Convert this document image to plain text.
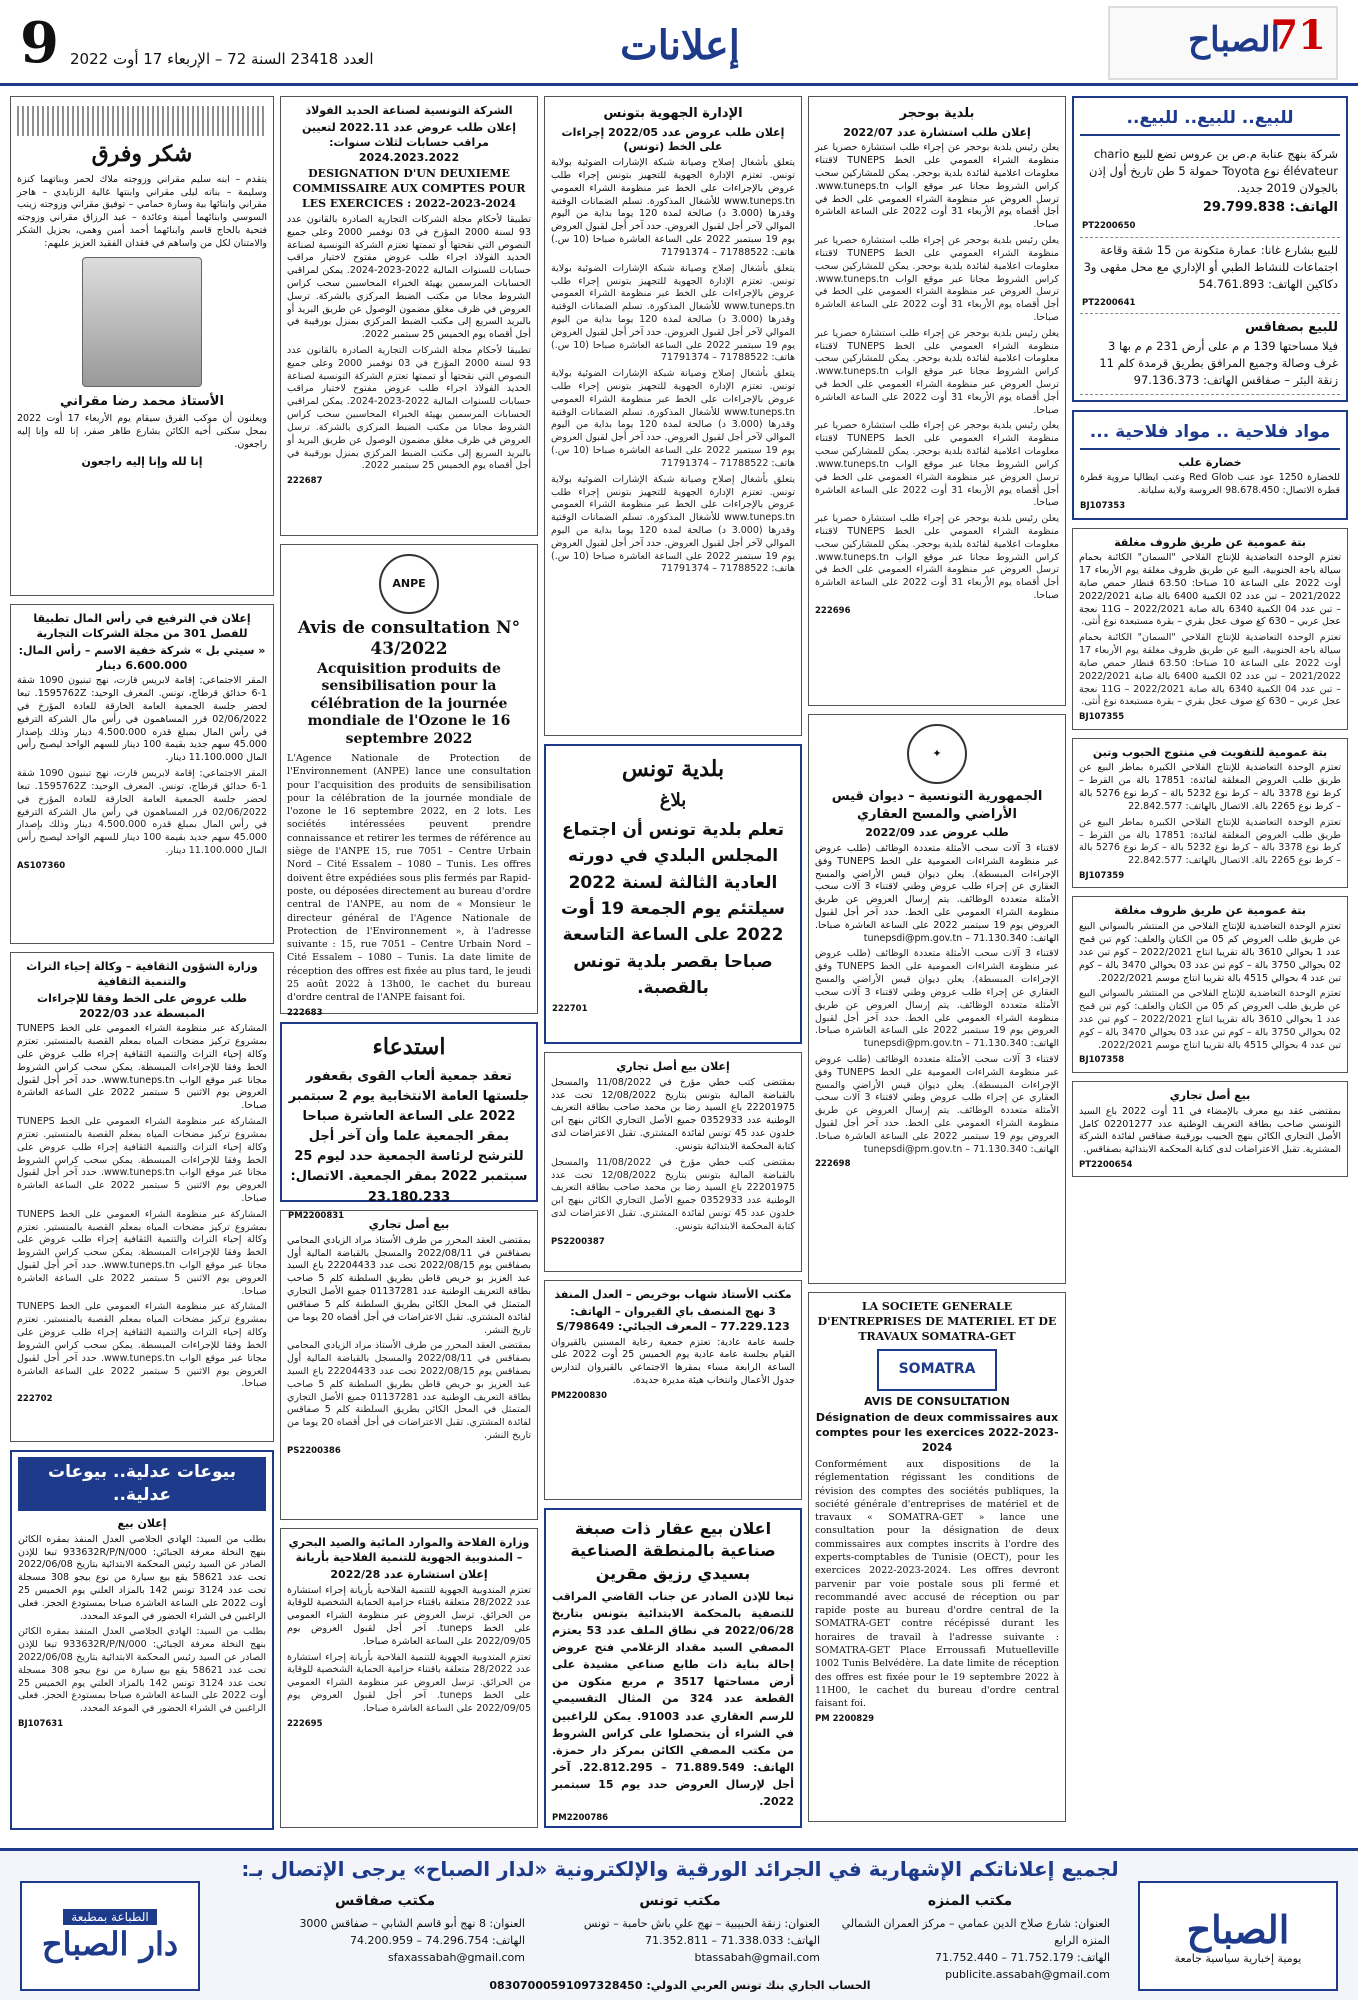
9 العدد 23418 السنة 72 – الإربعاء 17 أوت 2022	إعلانات	71
الصباح
للبيع.. للبيع.. للبيع..
شركة بنهج عنابة م.ص بن عروس تضع للبيع chario élévateur نوع Toyota حمولة 5 طن تاريخ أول إذن بالجولان 2019 جديد.
الهاتف: 29.799.838
PT2200650
للبيع بشارع غانا: عمارة متكونة من 15 شقة وقاعة اجتماعات للنشاط الطبي أو الإداري مع محل مقهى و3 دكاكين الهاتف: 54.761.893
PT2200641
للبيع بصفاقس
فيلا مساحتها 139 م م على أرض 231 م م بها 3 غرف وصالة وجميع المرافق بطريق قرمدة كلم 11 زنقة البئر – صفاقس الهاتف: 97.136.373
مواد فلاحية .. مواد فلاحية ...
خضارة علب

للخضارة 1250 عود عنب Red Glob وعنب ايطاليا مروية قطرة قطرة الاتصال: 98.678.450 العروسة ولاية سليانة.

BJ107353
بتة عمومية عن طريق ظروف مغلقة

تعتزم الوحدة التعاضدية للإنتاج الفلاحي "السمان" الكائنة بحمام سيالة باجة الجنوبية، البيع عن طريق ظروف مغلقة يوم الأربعاء 17 أوت 2022 على الساعة 10 صباحا: 63.50 قنطار حمص صابة 2021/2022 – تبن عدد 02 الكمية 6400 بالة صابة 2022/2021 – تبن عدد 04 الكمية 6340 بالة صابة 2022/2021 – 11G نعجة عجل عربي – 630 كغ صوف عجل بقري – بقرة مستبعدة نوع أنثى.

تعتزم الوحدة التعاضدية للإنتاج الفلاحي "السمان" الكائنة بحمام سيالة باجة الجنوبية، البيع عن طريق ظروف مغلقة يوم الأربعاء 17 أوت 2022 على الساعة 10 صباحا: 63.50 قنطار حمص صابة 2021/2022 – تبن عدد 02 الكمية 6400 بالة صابة 2022/2021 – تبن عدد 04 الكمية 6340 بالة صابة 2022/2021 – 11G نعجة عجل عربي – 630 كغ صوف عجل بقري – بقرة مستبعدة نوع أنثى.

BJ107355
بتة عمومية للتفويت في منتوج الحبوب وتبن

تعتزم الوحدة التعاضدية للإنتاج الفلاحي الكبيرة بماطر البيع عن طريق طلب العروض المغلقة لفائدة: 17851 بالة من القرط – كرط نوع 3378 بالة – كرط نوع 5232 بالة – كرط نوع 5276 بالة – كرط نوع 2265 بالة. الاتصال بالهاتف: 22.842.577

تعتزم الوحدة التعاضدية للإنتاج الفلاحي الكبيرة بماطر البيع عن طريق طلب العروض المغلقة لفائدة: 17851 بالة من القرط – كرط نوع 3378 بالة – كرط نوع 5232 بالة – كرط نوع 5276 بالة – كرط نوع 2265 بالة. الاتصال بالهاتف: 22.842.577

BJ107359
بتة عمومية عن طريق ظروف مغلقة

تعتزم الوحدة التعاضدية للإنتاج الفلاحي من المنتشر بالسواني البيع عن طريق طلب العروض كم 05 من الكتان والعلف: كوم تبن قمح عدد 1 بحوالي 3610 بالة تقريبا انتاج 2022/2021 – كوم تبن عدد 02 بحوالي 3750 بالة – كوم تبن عدد 03 بحوالي 3470 بالة – كوم تبن عدد 4 بحوالي 4515 بالة تقريبا انتاج موسم 2022/2021.

تعتزم الوحدة التعاضدية للإنتاج الفلاحي من المنتشر بالسواني البيع عن طريق طلب العروض كم 05 من الكتان والعلف: كوم تبن قمح عدد 1 بحوالي 3610 بالة تقريبا انتاج 2022/2021 – كوم تبن عدد 02 بحوالي 3750 بالة – كوم تبن عدد 03 بحوالي 3470 بالة – كوم تبن عدد 4 بحوالي 4515 بالة تقريبا انتاج موسم 2022/2021.

BJ107358
بيع أصل تجاري

بمقتضى عقد بيع معرف بالإمضاء في 11 أوت 2022 باع السيد التونسي صاحب بطاقة التعريف الوطنية عدد 02201277 كامل الأصل التجاري الكائن بنهج الحبيب بورقيبة صفاقس لفائدة الشركة المشترية. تقبل الاعتراضات لدى كتابة المحكمة الابتدائية بصفاقس.

PT2200654
بلدية بوحجر
إعلان طلب استشارة عدد 2022/07

يعلن رئيس بلدية بوحجر عن إجراء طلب استشارة حصريا عبر منظومة الشراء العمومي على الخط TUNEPS لاقتناء معلومات اعلامية لفائدة بلدية بوحجر. يمكن للمشاركين سحب كراس الشروط مجانا عبر موقع الواب www.tuneps.tn. ترسل العروض عبر منظومة الشراء العمومي على الخط في أجل أقصاه يوم الأربعاء 31 أوت 2022 على الساعة العاشرة صباحا.

يعلن رئيس بلدية بوحجر عن إجراء طلب استشارة حصريا عبر منظومة الشراء العمومي على الخط TUNEPS لاقتناء معلومات اعلامية لفائدة بلدية بوحجر. يمكن للمشاركين سحب كراس الشروط مجانا عبر موقع الواب www.tuneps.tn. ترسل العروض عبر منظومة الشراء العمومي على الخط في أجل أقصاه يوم الأربعاء 31 أوت 2022 على الساعة العاشرة صباحا.

يعلن رئيس بلدية بوحجر عن إجراء طلب استشارة حصريا عبر منظومة الشراء العمومي على الخط TUNEPS لاقتناء معلومات اعلامية لفائدة بلدية بوحجر. يمكن للمشاركين سحب كراس الشروط مجانا عبر موقع الواب www.tuneps.tn. ترسل العروض عبر منظومة الشراء العمومي على الخط في أجل أقصاه يوم الأربعاء 31 أوت 2022 على الساعة العاشرة صباحا.

يعلن رئيس بلدية بوحجر عن إجراء طلب استشارة حصريا عبر منظومة الشراء العمومي على الخط TUNEPS لاقتناء معلومات اعلامية لفائدة بلدية بوحجر. يمكن للمشاركين سحب كراس الشروط مجانا عبر موقع الواب www.tuneps.tn. ترسل العروض عبر منظومة الشراء العمومي على الخط في أجل أقصاه يوم الأربعاء 31 أوت 2022 على الساعة العاشرة صباحا.

يعلن رئيس بلدية بوحجر عن إجراء طلب استشارة حصريا عبر منظومة الشراء العمومي على الخط TUNEPS لاقتناء معلومات اعلامية لفائدة بلدية بوحجر. يمكن للمشاركين سحب كراس الشروط مجانا عبر موقع الواب www.tuneps.tn. ترسل العروض عبر منظومة الشراء العمومي على الخط في أجل أقصاه يوم الأربعاء 31 أوت 2022 على الساعة العاشرة صباحا.

222696
✦
الجمهورية التونسية – ديوان قيس الأراضي والمسح العقاري
طلب عروض عدد 2022/09

لاقتناء 3 آلات سحب الأمثلة متعددة الوظائف (طلب عروض عبر منظومة الشراءات العمومية على الخط TUNEPS وفق الإجراءات المبسطة). يعلن ديوان قيس الأراضي والمسح العقاري عن إجراء طلب عروض وطني لاقتناء 3 آلات سحب الأمثلة متعددة الوظائف. يتم إرسال العروض عن طريق منظومة الشراء العمومي على الخط. حدد آخر أجل لقبول العروض يوم 19 سبتمبر 2022 على الساعة العاشرة صباحا. الهاتف: 71.130.340 – tunepsdi@pm.gov.tn

لاقتناء 3 آلات سحب الأمثلة متعددة الوظائف (طلب عروض عبر منظومة الشراءات العمومية على الخط TUNEPS وفق الإجراءات المبسطة). يعلن ديوان قيس الأراضي والمسح العقاري عن إجراء طلب عروض وطني لاقتناء 3 آلات سحب الأمثلة متعددة الوظائف. يتم إرسال العروض عن طريق منظومة الشراء العمومي على الخط. حدد آخر أجل لقبول العروض يوم 19 سبتمبر 2022 على الساعة العاشرة صباحا. الهاتف: 71.130.340 – tunepsdi@pm.gov.tn

لاقتناء 3 آلات سحب الأمثلة متعددة الوظائف (طلب عروض عبر منظومة الشراءات العمومية على الخط TUNEPS وفق الإجراءات المبسطة). يعلن ديوان قيس الأراضي والمسح العقاري عن إجراء طلب عروض وطني لاقتناء 3 آلات سحب الأمثلة متعددة الوظائف. يتم إرسال العروض عن طريق منظومة الشراء العمومي على الخط. حدد آخر أجل لقبول العروض يوم 19 سبتمبر 2022 على الساعة العاشرة صباحا. الهاتف: 71.130.340 – tunepsdi@pm.gov.tn

222698
LA SOCIETE GENERALE D'ENTREPRISES DE MATERIEL ET DE TRAVAUX SOMATRA-GET
SOMATRA
AVIS DE CONSULTATION
Désignation de deux commissaires aux comptes pour les exercices 2022-2023-2024

Conformément aux dispositions de la réglementation régissant les conditions de révision des comptes des sociétés publiques, la société générale d'entreprises de matériel et de travaux « SOMATRA-GET » lance une consultation pour la désignation de deux commissaires aux comptes inscrits à l'ordre des experts-comptables de Tunisie (OECT), pour les exercices 2022-2023-2024. Les offres devront parvenir par voie postale sous pli fermé et recommandé avec accusé de réception ou par rapide poste au bureau d'ordre central de la SOMATRA-GET contre récépissé durant les horaires de travail à l'adresse suivante : SOMATRA-GET Place Erroussafi Mutuelleville 1002 Tunis Belvédère. La date limite de réception des offres est fixée pour le 19 septembre 2022 à 11H00, le cachet du bureau d'ordre central faisant foi.

PM 2200829
الإدارة الجهوية بتونس
إعلان طلب عروض عدد 2022/05 إجراءات على الخط (تونس)

يتعلق بأشغال إصلاح وصيانة شبكة الإشارات الضوئية بولاية تونس. تعتزم الإدارة الجهوية للتجهيز بتونس إجراء طلب عروض بالإجراءات على الخط عبر منظومة الشراء العمومي www.tuneps.tn للأشغال المذكورة. تسلم الضمانات الوقتية وقدرها (3.000 د) صالحة لمدة 120 يوما بداية من اليوم الموالي لآخر أجل لقبول العروض. حدد آخر أجل لقبول العروض يوم 19 سبتمبر 2022 على الساعة العاشرة صباحا (10 س.) هاتف: 71788522 – 71791374

يتعلق بأشغال إصلاح وصيانة شبكة الإشارات الضوئية بولاية تونس. تعتزم الإدارة الجهوية للتجهيز بتونس إجراء طلب عروض بالإجراءات على الخط عبر منظومة الشراء العمومي www.tuneps.tn للأشغال المذكورة. تسلم الضمانات الوقتية وقدرها (3.000 د) صالحة لمدة 120 يوما بداية من اليوم الموالي لآخر أجل لقبول العروض. حدد آخر أجل لقبول العروض يوم 19 سبتمبر 2022 على الساعة العاشرة صباحا (10 س.) هاتف: 71788522 – 71791374

يتعلق بأشغال إصلاح وصيانة شبكة الإشارات الضوئية بولاية تونس. تعتزم الإدارة الجهوية للتجهيز بتونس إجراء طلب عروض بالإجراءات على الخط عبر منظومة الشراء العمومي www.tuneps.tn للأشغال المذكورة. تسلم الضمانات الوقتية وقدرها (3.000 د) صالحة لمدة 120 يوما بداية من اليوم الموالي لآخر أجل لقبول العروض. حدد آخر أجل لقبول العروض يوم 19 سبتمبر 2022 على الساعة العاشرة صباحا (10 س.) هاتف: 71788522 – 71791374

يتعلق بأشغال إصلاح وصيانة شبكة الإشارات الضوئية بولاية تونس. تعتزم الإدارة الجهوية للتجهيز بتونس إجراء طلب عروض بالإجراءات على الخط عبر منظومة الشراء العمومي www.tuneps.tn للأشغال المذكورة. تسلم الضمانات الوقتية وقدرها (3.000 د) صالحة لمدة 120 يوما بداية من اليوم الموالي لآخر أجل لقبول العروض. حدد آخر أجل لقبول العروض يوم 19 سبتمبر 2022 على الساعة العاشرة صباحا (10 س.) هاتف: 71788522 – 71791374

بلدية تونس
بلاغ
تعلم بلدية تونس أن اجتماع المجلس البلدي في دورته العادية الثالثة لسنة 2022 سيلتئم يوم الجمعة 19 أوت 2022 على الساعة التاسعة صباحا بقصر بلدية تونس بالقصبة.
222701
إعلان بيع أصل تجاري

بمقتضى كتب خطي مؤرخ في 11/08/2022 والمسجل بالقباضة المالية بتونس بتاريخ 12/08/2022 تحت عدد 22201975 باع السيد رضا بن محمد صاحب بطاقة التعريف الوطنية عدد 0352933 جميع الأصل التجاري الكائن بنهج ابن خلدون عدد 45 تونس لفائدة المشتري. تقبل الاعتراضات لدى كتابة المحكمة الابتدائية بتونس.

بمقتضى كتب خطي مؤرخ في 11/08/2022 والمسجل بالقباضة المالية بتونس بتاريخ 12/08/2022 تحت عدد 22201975 باع السيد رضا بن محمد صاحب بطاقة التعريف الوطنية عدد 0352933 جميع الأصل التجاري الكائن بنهج ابن خلدون عدد 45 تونس لفائدة المشتري. تقبل الاعتراضات لدى كتابة المحكمة الابتدائية بتونس.

PS2200387
مكتب الأستاذ شهاب بوخريص – العدل المنفذ
3 نهج المنصف باي القيروان – الهاتف: 77.229.123 – المعرف الجبائي: 798649/S

جلسة عامة عادية: تعتزم جمعية رعاية المسنين بالقيروان القيام بجلسة عامة عادية يوم الخميس 25 أوت 2022 على الساعة الرابعة مساء بمقرها الاجتماعي بالقيروان لتدارس جدول الأعمال وانتخاب هيئة مديرة جديدة.

PM2200830
اعلان بيع عقار ذات صبغة صناعية بالمنطقة الصناعية بسيدي رزيق مقرين

تبعا للإذن الصادر عن جناب القاضي المراقب للتصفية بالمحكمة الابتدائية بتونس بتاريخ 2022/06/28 في نطاق الملف عدد 53 يعتزم المصفي السيد مقداد الزغلامي فتح عروض إحالة بناية ذات طابع صناعي مشيدة على أرض مساحتها 3517 م مربع متكون من القطعة عدد 324 من المثال التقسيمي للرسم العقاري عدد 91003. يمكن للراغبين في الشراء أن يتحصلوا على كراس الشروط من مكتب المصفي الكائن بمركز دار حمزة. الهاتف: 71.889.549 – 22.812.295. آخر أجل لإرسال العروض حدد يوم 15 سبتمبر 2022.

PM2200786
الشركة التونسية لصناعة الحديد الفولاذ
إعلان طلب عروض عدد 2022.11 لتعيين مراقب حسابات لثلاث سنوات: 2024.2023.2022
DESIGNATION D'UN DEUXIEME COMMISSAIRE AUX COMPTES POUR LES EXERCICES : 2022-2023-2024

تطبيقا لأحكام مجلة الشركات التجارية الصادرة بالقانون عدد 93 لسنة 2000 المؤرخ في 03 نوفمبر 2000 وعلى جميع النصوص التي نقحتها أو تممتها تعتزم الشركة التونسية لصناعة الحديد الفولاذ اجراء طلب عروض مفتوح لاختيار مراقب حسابات للسنوات المالية 2022-2023-2024. يمكن لمراقبي الحسابات المرسمين بهيئة الخبراء المحاسبين سحب كراس الشروط مجانا من مكتب الضبط المركزي بالشركة. ترسل العروض في ظرف مغلق مضمون الوصول عن طريق البريد أو بالبريد السريع إلى مكتب الضبط المركزي بمنزل بورقيبة في أجل أقصاه يوم الخميس 25 سبتمبر 2022.

تطبيقا لأحكام مجلة الشركات التجارية الصادرة بالقانون عدد 93 لسنة 2000 المؤرخ في 03 نوفمبر 2000 وعلى جميع النصوص التي نقحتها أو تممتها تعتزم الشركة التونسية لصناعة الحديد الفولاذ اجراء طلب عروض مفتوح لاختيار مراقب حسابات للسنوات المالية 2022-2023-2024. يمكن لمراقبي الحسابات المرسمين بهيئة الخبراء المحاسبين سحب كراس الشروط مجانا من مكتب الضبط المركزي بالشركة. ترسل العروض في ظرف مغلق مضمون الوصول عن طريق البريد أو بالبريد السريع إلى مكتب الضبط المركزي بمنزل بورقيبة في أجل أقصاه يوم الخميس 25 سبتمبر 2022.

222687
ANPE
Avis de consultation N° 43/2022
Acquisition produits de sensibilisation pour la célébration de la journée mondiale de l'Ozone le 16 septembre 2022

L'Agence Nationale de Protection de l'Environnement (ANPE) lance une consultation pour l'acquisition des produits de sensibilisation pour la célébration de la journée mondiale de l'ozone le 16 septembre 2022, en 2 lots. Les sociétés intéressées peuvent prendre connaissance et retirer les termes de référence au siège de l'ANPE 15, rue 7051 – Centre Urbain Nord – Cité Essalem – 1080 – Tunis. Les offres doivent être expédiées sous plis fermés par Rapid-poste, ou déposées directement au bureau d'ordre central de l'ANPE, au nom de « Monsieur le directeur général de l'Agence Nationale de Protection de l'Environnement », à l'adresse suivante : 15, rue 7051 – Centre Urbain Nord – Cité Essalem – 1080 – Tunis. La date limite de réception des offres est fixée au plus tard, le jeudi 25 août 2022 à 13h00, le cachet du bureau d'ordre central de l'ANPE faisant foi.

222683
استدعاء
تعقد جمعية ألعاب القوى بقعفور جلستها العامة الانتخابية يوم 2 سبتمبر 2022 على الساعة العاشرة صباحا بمقر الجمعية علما وأن آخر أجل للترشح لرئاسة الجمعية حدد ليوم 25 سبتمبر 2022 بمقر الجمعية. الاتصال: 23.180.233
PM2200831
بيع أصل تجاري

بمقتضى العقد المحرر من طرف الأستاذ مراد الزيادي المحامي بصفاقس في 2022/08/11 والمسجل بالقباضة المالية أول بصفاقس يوم 2022/08/15 تحت عدد 22204433 باع السيد عبد العزيز بو خريص قاطن بطريق السلطنة كلم 5 صاحب بطاقة التعريف الوطنية عدد 01137281 جميع الأصل التجاري المتمثل في المحل الكائن بطريق السلطنة كلم 5 صفاقس لفائدة المشتري. تقبل الاعتراضات في أجل أقصاه 20 يوما من تاريخ النشر.

بمقتضى العقد المحرر من طرف الأستاذ مراد الزيادي المحامي بصفاقس في 2022/08/11 والمسجل بالقباضة المالية أول بصفاقس يوم 2022/08/15 تحت عدد 22204433 باع السيد عبد العزيز بو خريص قاطن بطريق السلطنة كلم 5 صاحب بطاقة التعريف الوطنية عدد 01137281 جميع الأصل التجاري المتمثل في المحل الكائن بطريق السلطنة كلم 5 صفاقس لفائدة المشتري. تقبل الاعتراضات في أجل أقصاه 20 يوما من تاريخ النشر.

PS2200386
وزارة الفلاحة والموارد المائية والصيد البحري – المندوبية الجهوية للتنمية الفلاحية بأريانة
إعلان استشارة عدد 2022/28

تعتزم المندوبية الجهوية للتنمية الفلاحية بأريانة إجراء استشارة عدد 28/2022 متعلقة باقتناء حزامية الحماية الشخصية للوقاية من الحرائق. ترسل العروض عبر منظومة الشراء العمومي على الخط tuneps. آخر أجل لقبول العروض يوم 2022/09/05 على الساعة العاشرة صباحا.

تعتزم المندوبية الجهوية للتنمية الفلاحية بأريانة إجراء استشارة عدد 28/2022 متعلقة باقتناء حزامية الحماية الشخصية للوقاية من الحرائق. ترسل العروض عبر منظومة الشراء العمومي على الخط tuneps. آخر أجل لقبول العروض يوم 2022/09/05 على الساعة العاشرة صباحا.

222695
شكر وفرق

يتقدم – ابنه سليم مقراني وزوجته ملاك لحمر وبناتهما كنزة وسليمة – بناته ليلى مقراني وابنتها غالية الزنايدي – هاجر مقراني وابنائها بية وسارة حمامي – توفيق مقراني وزوجته زينب السوسي وابنائهما أمينة وعائدة – عبد الرزاق مقراني وزوجته فتحية بالحاج قاسم وابنائهما أحمد أمين وهمى، بجزيل الشكر والامتنان لكل من واساهم في فقدان الفقيد العزيز عليهم:

الأستاذ محمد رضا مقراني

ويعلنون أن موكب الفرق سيقام يوم الأربعاء 17 أوت 2022 بمحل سكنى أخيه الكائن بشارع طاهر صفر، إنا لله وإنا إليه راجعون.

إنا لله وإنا إليه راجعون
إعلان في الترفيع في رأس المال تطبيقا للفصل 301 من مجلة الشركات التجارية
« سيتي بل » شركة خفية الاسم – رأس المال: 6.600.000 دينار

المقر الاجتماعي: إقامة لابريس قارت، نهج تبنيون 1090 شقة 1-6 حدائق قرطاج، تونس. المعرف الوحيد: 1595762Z. تبعا لحضر جلسة الجمعية العامة الخارقة للعادة المؤرخ في 02/06/2022 قرر المساهمون في رأس مال الشركة الترفيع في رأس المال بمبلغ قدره 4.500.000 دينار وذلك بإصدار 45.000 سهم جديد بقيمة 100 دينار للسهم الواحد ليصبح رأس المال 11.100.000 دينار.

المقر الاجتماعي: إقامة لابريس قارت، نهج تبنيون 1090 شقة 1-6 حدائق قرطاج، تونس. المعرف الوحيد: 1595762Z. تبعا لحضر جلسة الجمعية العامة الخارقة للعادة المؤرخ في 02/06/2022 قرر المساهمون في رأس مال الشركة الترفيع في رأس المال بمبلغ قدره 4.500.000 دينار وذلك بإصدار 45.000 سهم جديد بقيمة 100 دينار للسهم الواحد ليصبح رأس المال 11.100.000 دينار.

AS107360
وزارة الشؤون الثقافية – وكالة إحياء التراث والتنمية الثقافية
طلب عروض على الخط وفقا للإجراءات المبسطة عدد 2022/03

المشاركة عبر منظومة الشراء العمومي على الخط TUNEPS بمشروع تركيز مضخات المياه بمعلم القصبة بالمنستير. تعتزم وكالة إحياء التراث والتنمية الثقافية إجراء طلب عروض على الخط وفقا للإجراءات المبسطة. يمكن سحب كراس الشروط مجانا عبر موقع الواب www.tuneps.tn. حدد آخر أجل لقبول العروض يوم الاثنين 5 سبتمبر 2022 على الساعة العاشرة صباحا.

المشاركة عبر منظومة الشراء العمومي على الخط TUNEPS بمشروع تركيز مضخات المياه بمعلم القصبة بالمنستير. تعتزم وكالة إحياء التراث والتنمية الثقافية إجراء طلب عروض على الخط وفقا للإجراءات المبسطة. يمكن سحب كراس الشروط مجانا عبر موقع الواب www.tuneps.tn. حدد آخر أجل لقبول العروض يوم الاثنين 5 سبتمبر 2022 على الساعة العاشرة صباحا.

المشاركة عبر منظومة الشراء العمومي على الخط TUNEPS بمشروع تركيز مضخات المياه بمعلم القصبة بالمنستير. تعتزم وكالة إحياء التراث والتنمية الثقافية إجراء طلب عروض على الخط وفقا للإجراءات المبسطة. يمكن سحب كراس الشروط مجانا عبر موقع الواب www.tuneps.tn. حدد آخر أجل لقبول العروض يوم الاثنين 5 سبتمبر 2022 على الساعة العاشرة صباحا.

المشاركة عبر منظومة الشراء العمومي على الخط TUNEPS بمشروع تركيز مضخات المياه بمعلم القصبة بالمنستير. تعتزم وكالة إحياء التراث والتنمية الثقافية إجراء طلب عروض على الخط وفقا للإجراءات المبسطة. يمكن سحب كراس الشروط مجانا عبر موقع الواب www.tuneps.tn. حدد آخر أجل لقبول العروض يوم الاثنين 5 سبتمبر 2022 على الساعة العاشرة صباحا.

222702
بيوعات عدلية.. بيوعات عدلية..
إعلان بيع

بطلب من السيد: الهادي الجلاصي العدل المنفذ بمقره الكائن بنهج النخلة معرفة الجبائي: 933632R/P/N/000 تبعا للإذن الصادر عن السيد رئيس المحكمة الابتدائية بتاريخ 2022/06/08 تحت عدد 58621 يقع بيع سيارة من نوع بيجو 308 مسجلة تحت عدد 3124 تونس 142 بالمزاد العلني يوم الخميس 25 أوت 2022 على الساعة العاشرة صباحا بمستودع الحجز. فعلى الراغبين في الشراء الحضور في الموعد المحدد.

بطلب من السيد: الهادي الجلاصي العدل المنفذ بمقره الكائن بنهج النخلة معرفة الجبائي: 933632R/P/N/000 تبعا للإذن الصادر عن السيد رئيس المحكمة الابتدائية بتاريخ 2022/06/08 تحت عدد 58621 يقع بيع سيارة من نوع بيجو 308 مسجلة تحت عدد 3124 تونس 142 بالمزاد العلني يوم الخميس 25 أوت 2022 على الساعة العاشرة صباحا بمستودع الحجز. فعلى الراغبين في الشراء الحضور في الموعد المحدد.

BJ107631
الصباح
يومية إخبارية سياسية جامعة
لجميع إعلاناتكم الإشهارية في الجرائد الورقية والإلكترونية «لدار الصباح» يرجى الإتصال بـ:
مكتب المنزه
العنوان: شارع صلاح الدين عمامي – مركز العمران الشمالي المنزه الرابع
الهاتف: 71.752.179 – 71.752.440
publicite.assabah@gmail.com
مكتب تونس
العنوان: زنقة الحبيبية – نهج علي باش حامبة – تونس
الهاتف: 71.338.033 – 71.352.811
btassabah@gmail.com
مكتب صفاقس
العنوان: 8 نهج أبو قاسم الشابي – صفاقس 3000
الهاتف: 74.296.754 – 74.200.959
sfaxassabah@gmail.com
الحساب الجاري بنك تونس العربي الدولي: 08307000591097328450
الطباعة بمطبعة
دار الصباح
